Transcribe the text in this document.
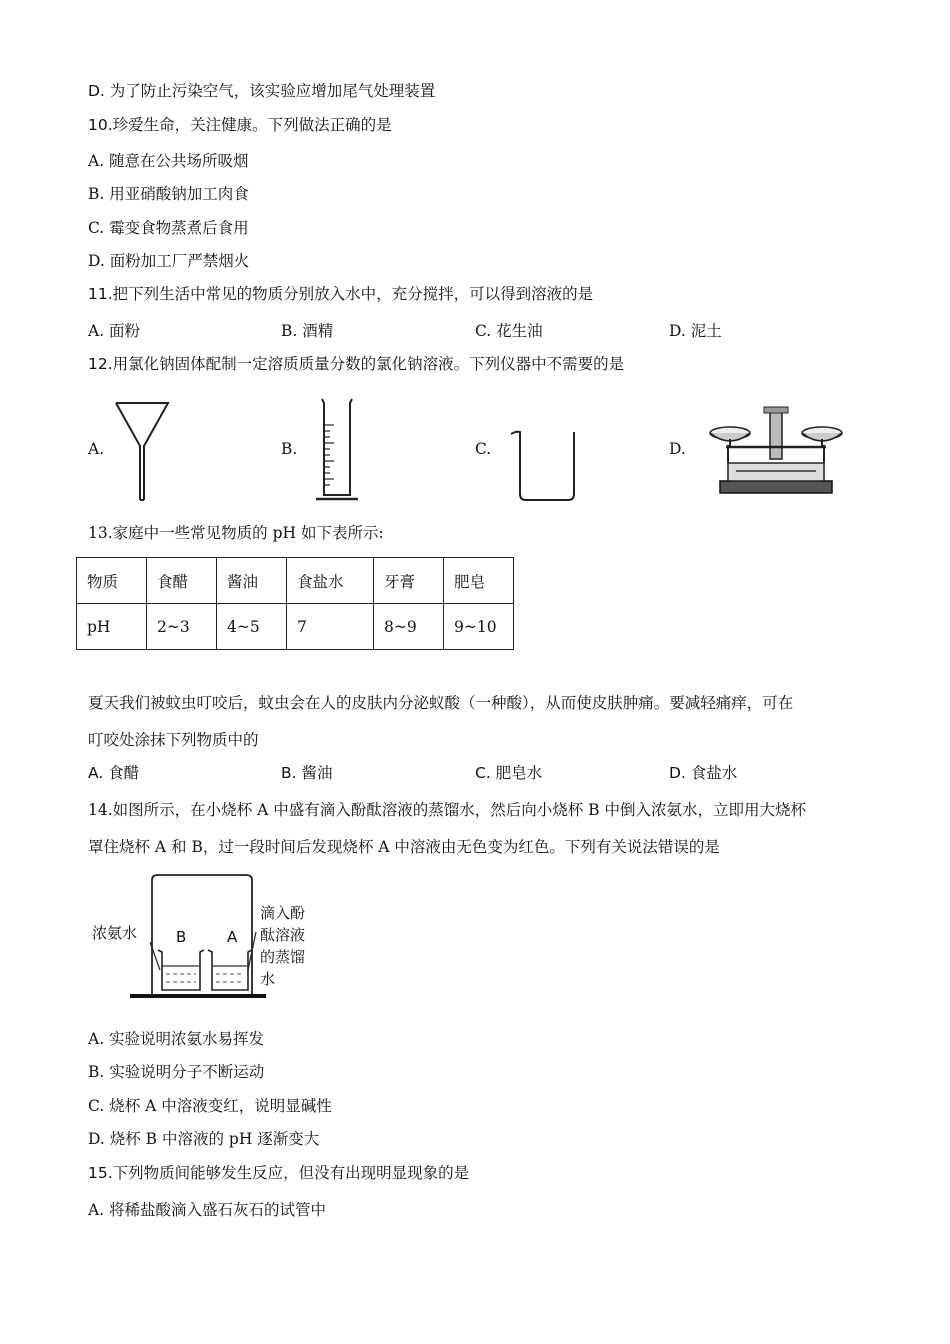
D. 为了防止污染空气，该实验应增加尾气处理装置
10.珍爱生命，关注健康。下列做法正确的是
A. 随意在公共场所吸烟
B. 用亚硝酸钠加工肉食
C. 霉变食物蒸煮后食用
D. 面粉加工厂严禁烟火
11.把下列生活中常见的物质分别放入水中，充分搅拌，可以得到溶液的是
A. 面粉	B. 酒精	C. 花生油	D. 泥土
12.用氯化钠固体配制一定溶质质量分数的氯化钠溶液。下列仪器中不需要的是
A.	B.	C.	D.
13.家庭中一些常见物质的 pH 如下表所示:
物质	食醋	酱油	食盐水	牙膏	肥皂
pH	2~3	4~5	7	8~9	9~10
夏天我们被蚊虫叮咬后，蚊虫会在人的皮肤内分泌蚁酸（一种酸），从而使皮肤肿痛。要减轻痛痒，可在
叮咬处涂抹下列物质中的
A. 食醋	B. 酱油	C. 肥皂水	D. 食盐水
14.如图所示，在小烧杯 A 中盛有滴入酚酞溶液的蒸馏水，然后向小烧杯 B 中倒入浓氨水，立即用大烧杯
罩住烧杯 A 和 B，过一段时间后发现烧杯 A 中溶液由无色变为红色。下列有关说法错误的是
浓氨水	B	A
滴入酚
酞溶液
的蒸馏
水
A. 实验说明浓氨水易挥发
B. 实验说明分子不断运动
C. 烧杯 A 中溶液变红，说明显碱性
D. 烧杯 B 中溶液的 pH 逐渐变大
15.下列物质间能够发生反应，但没有出现明显现象的是
A. 将稀盐酸滴入盛石灰石的试管中
